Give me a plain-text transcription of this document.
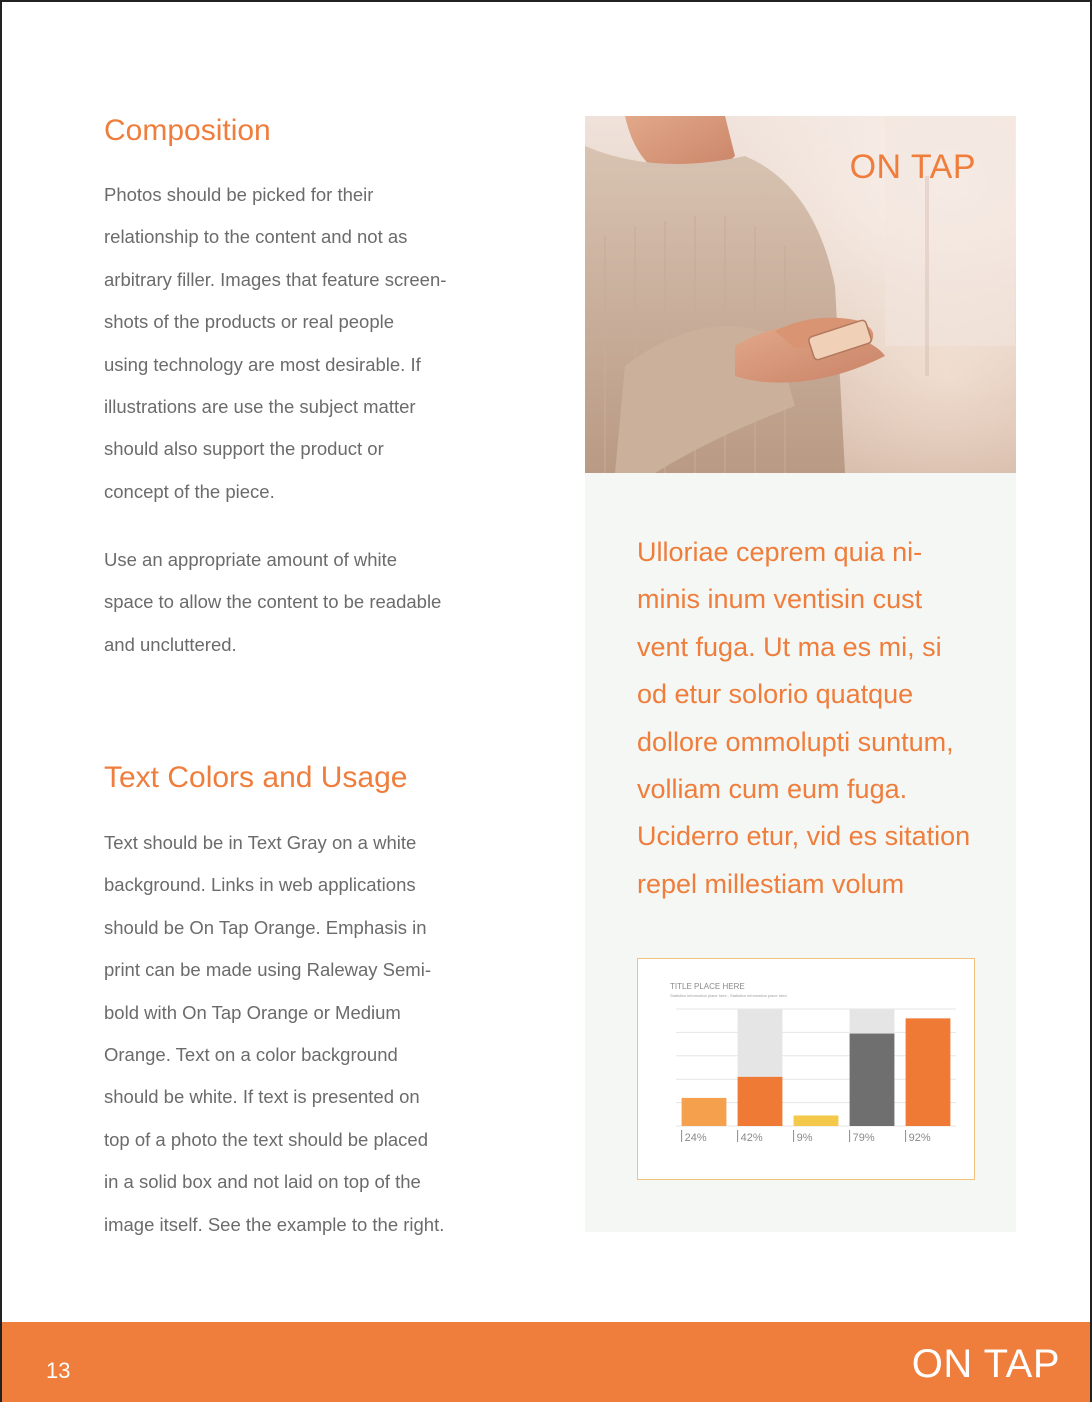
Composition

Photos should be picked for their
relationship to the content and not as
arbitrary filler. Images that feature screen-
shots of the products or real people
using technology are most desirable. If
illustrations are use the subject matter
should also support the product or
concept of the piece.

Use an appropriate amount of white
space to allow the content to be readable
and uncluttered.

Text Colors and Usage

Text should be in Text Gray on a white
background. Links in web applications
should be On Tap Orange. Emphasis in
print can be made using Raleway Semi-
bold with On Tap Orange or Medium
Orange. Text on a color background
should be white. If text is presented on
top of a photo the text should be placed
in a solid box and not laid on top of the
image itself. See the example to the right.

ON TAP

Ulloriae ceprem quia ni-
minis inum ventisin cust
vent fuga. Ut ma es mi, si
od etur solorio quatque
dollore ommolupti suntum,
volliam cum eum fuga.
Uciderro etur, vid es sitation
repel millestiam volum

TITLE PLACE HERE
Statistics information place here., Statistics information place here.
24%	42%	9%	79%	92%
13	ON TAP
